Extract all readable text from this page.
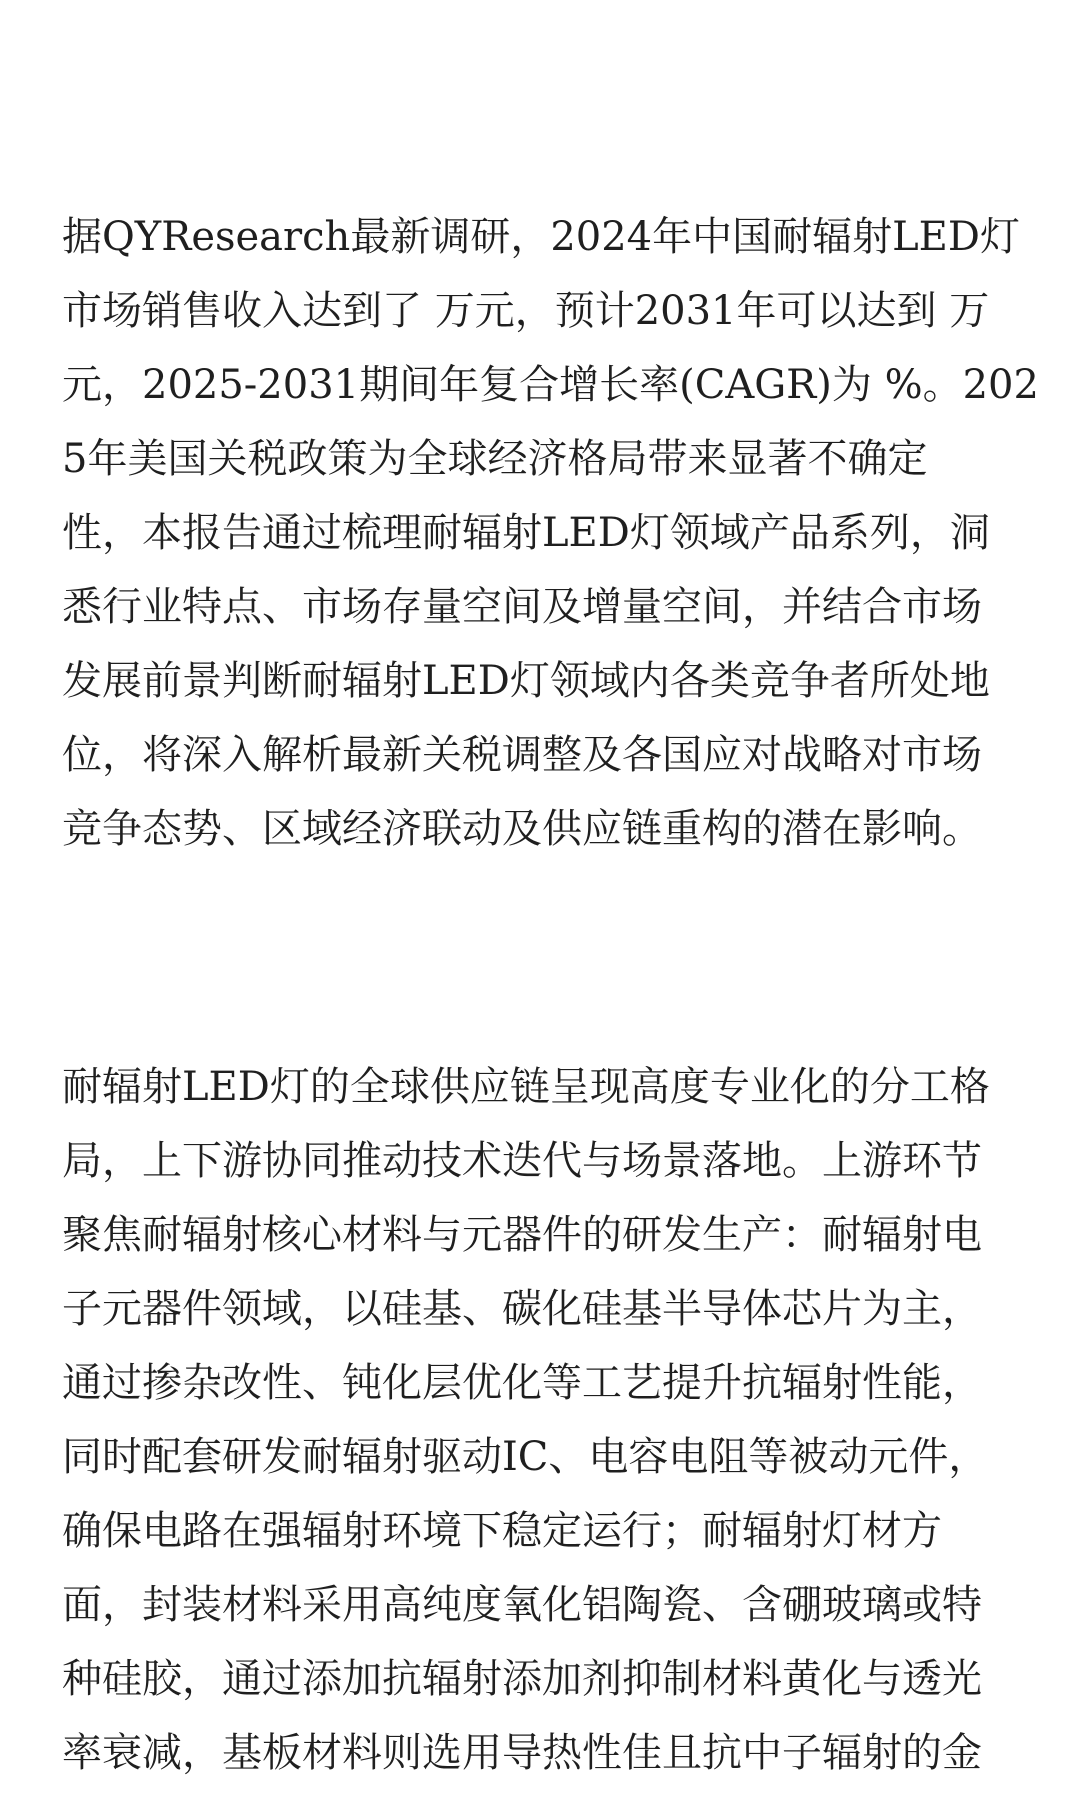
据QYResearch最新调研，2024年中国耐辐射LED灯
市场销售收入达到了 万元，预计2031年可以达到 万
元，2025-2031期间年复合增长率(CAGR)为 %。202
5年美国关税政策为全球经济格局带来显著不确定
性，本报告通过梳理耐辐射LED灯领域产品系列，洞
悉行业特点、市场存量空间及增量空间，并结合市场
发展前景判断耐辐射LED灯领域内各类竞争者所处地
位，将深入解析最新关税调整及各国应对战略对市场
竞争态势、区域经济联动及供应链重构的潜在影响。

耐辐射LED灯的全球供应链呈现高度专业化的分工格
局，上下游协同推动技术迭代与场景落地。上游环节
聚焦耐辐射核心材料与元器件的研发生产：耐辐射电
子元器件领域，以硅基、碳化硅基半导体芯片为主，
通过掺杂改性、钝化层优化等工艺提升抗辐射性能，
同时配套研发耐辐射驱动IC、电容电阻等被动元件，
确保电路在强辐射环境下稳定运行；耐辐射灯材方
面，封装材料采用高纯度氧化铝陶瓷、含硼玻璃或特
种硅胶，通过添加抗辐射添加剂抑制材料黄化与透光
率衰减，基板材料则选用导热性佳且抗中子辐射的金
